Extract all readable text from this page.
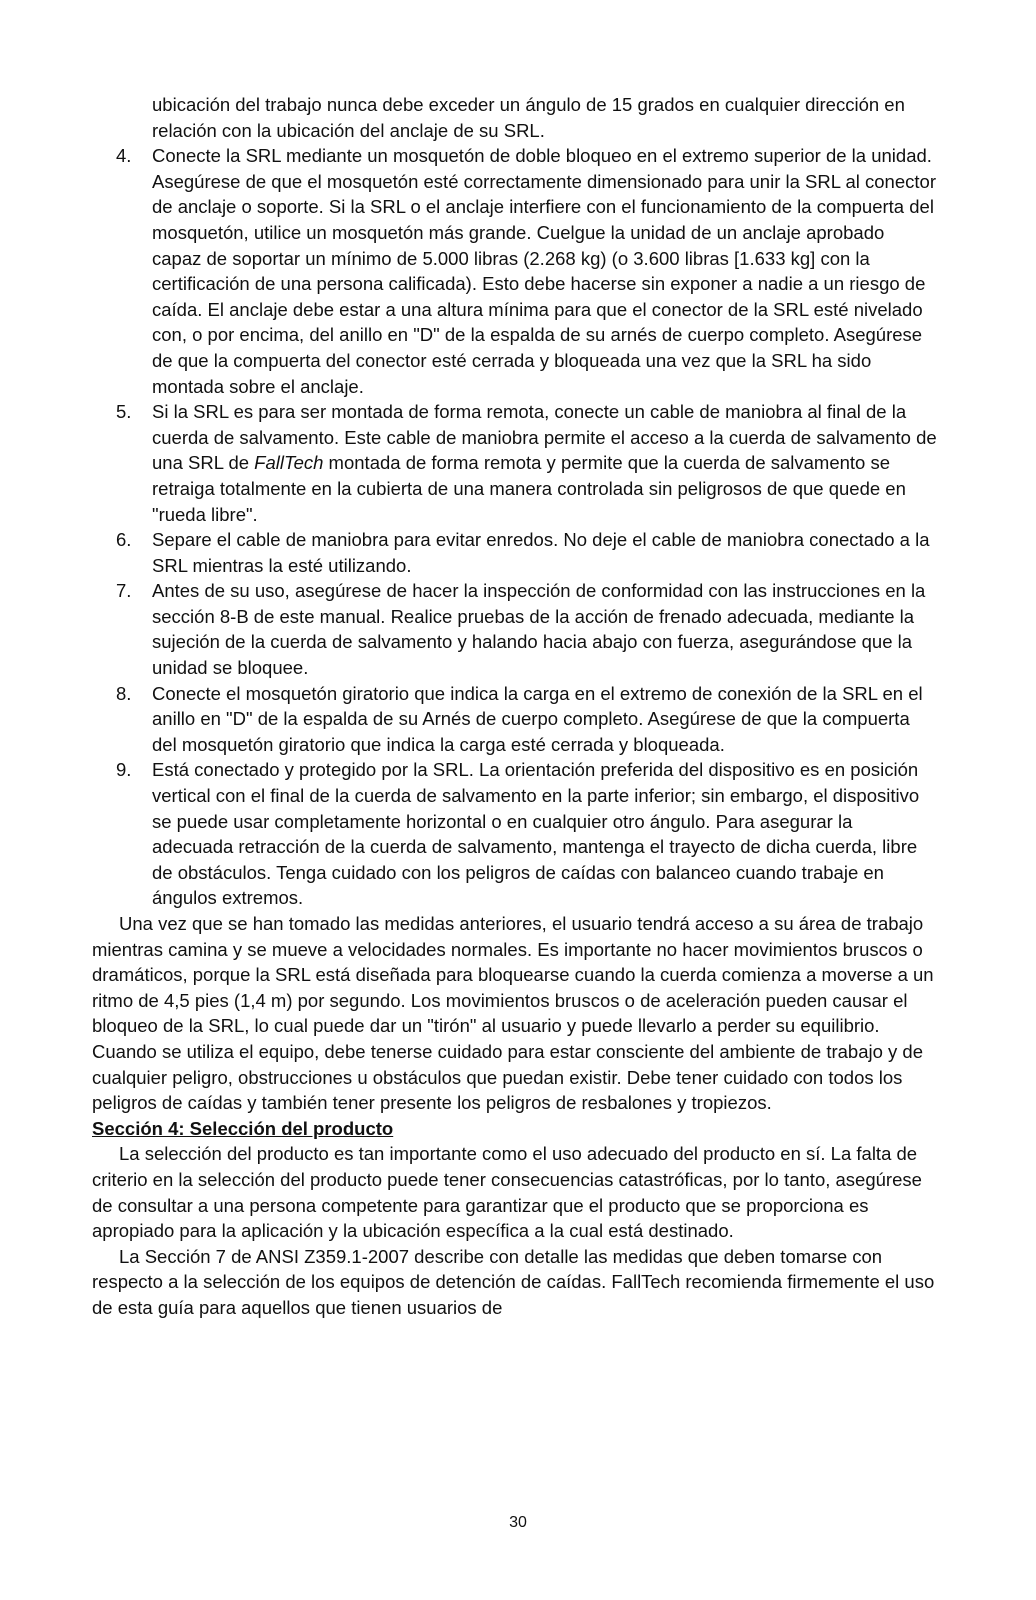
ubicación del trabajo nunca debe exceder un ángulo de 15 grados en cualquier dirección en relación con la ubicación del anclaje de su SRL.
4. Conecte la SRL mediante un mosquetón de doble bloqueo en el extremo superior de la unidad. Asegúrese de que el mosquetón esté correctamente dimensionado para unir la SRL al conector de anclaje o soporte. Si la SRL o el anclaje interfiere con el funcionamiento de la compuerta del mosquetón, utilice un mosquetón más grande. Cuelgue la unidad de un anclaje aprobado capaz de soportar un mínimo de 5.000 libras (2.268 kg) (o 3.600 libras [1.633 kg] con la certificación de una persona calificada). Esto debe hacerse sin exponer a nadie a un riesgo de caída. El anclaje debe estar a una altura mínima para que el conector de la SRL esté nivelado con, o por encima, del anillo en "D" de la espalda de su arnés de cuerpo completo. Asegúrese de que la compuerta del conector esté cerrada y bloqueada una vez que la SRL ha sido montada sobre el anclaje.
5. Si la SRL es para ser montada de forma remota, conecte un cable de maniobra al final de la cuerda de salvamento. Este cable de maniobra permite el acceso a la cuerda de salvamento de una SRL de FallTech montada de forma remota y permite que la cuerda de salvamento se retraiga totalmente en la cubierta de una manera controlada sin peligrosos de que quede en "rueda libre".
6. Separe el cable de maniobra para evitar enredos. No deje el cable de maniobra conectado a la SRL mientras la esté utilizando.
7. Antes de su uso, asegúrese de hacer la inspección de conformidad con las instrucciones en la sección 8-B de este manual. Realice pruebas de la acción de frenado adecuada, mediante la sujeción de la cuerda de salvamento y halando hacia abajo con fuerza, asegurándose que la unidad se bloquee.
8. Conecte el mosquetón giratorio que indica la carga en el extremo de conexión de la SRL en el anillo en "D" de la espalda de su Arnés de cuerpo completo. Asegúrese de que la compuerta del mosquetón giratorio que indica la carga esté cerrada y bloqueada.
9. Está conectado y protegido por la SRL. La orientación preferida del dispositivo es en posición vertical con el final de la cuerda de salvamento en la parte inferior; sin embargo, el dispositivo se puede usar completamente horizontal o en cualquier otro ángulo. Para asegurar la adecuada retracción de la cuerda de salvamento, mantenga el trayecto de dicha cuerda, libre de obstáculos. Tenga cuidado con los peligros de caídas con balanceo cuando trabaje en ángulos extremos.

Una vez que se han tomado las medidas anteriores, el usuario tendrá acceso a su área de trabajo mientras camina y se mueve a velocidades normales. Es importante no hacer movimientos bruscos o dramáticos, porque la SRL está diseñada para bloquearse cuando la cuerda comienza a moverse a un ritmo de 4,5 pies (1,4 m) por segundo. Los movimientos bruscos o de aceleración pueden causar el bloqueo de la SRL, lo cual puede dar un "tirón" al usuario y puede llevarlo a perder su equilibrio. Cuando se utiliza el equipo, debe tenerse cuidado para estar consciente del ambiente de trabajo y de cualquier peligro, obstrucciones u obstáculos que puedan existir. Debe tener cuidado con todos los peligros de caídas y también tener presente los peligros de resbalones y tropiezos.

Sección 4: Selección del producto

La selección del producto es tan importante como el uso adecuado del producto en sí. La falta de criterio en la selección del producto puede tener consecuencias catastróficas, por lo tanto, asegúrese de consultar a una persona competente para garantizar que el producto que se proporciona es apropiado para la aplicación y la ubicación específica a la cual está destinado.

La Sección 7 de ANSI Z359.1-2007 describe con detalle las medidas que deben tomarse con respecto a la selección de los equipos de detención de caídas. FallTech recomienda firmemente el uso de esta guía para aquellos que tienen usuarios de

30
